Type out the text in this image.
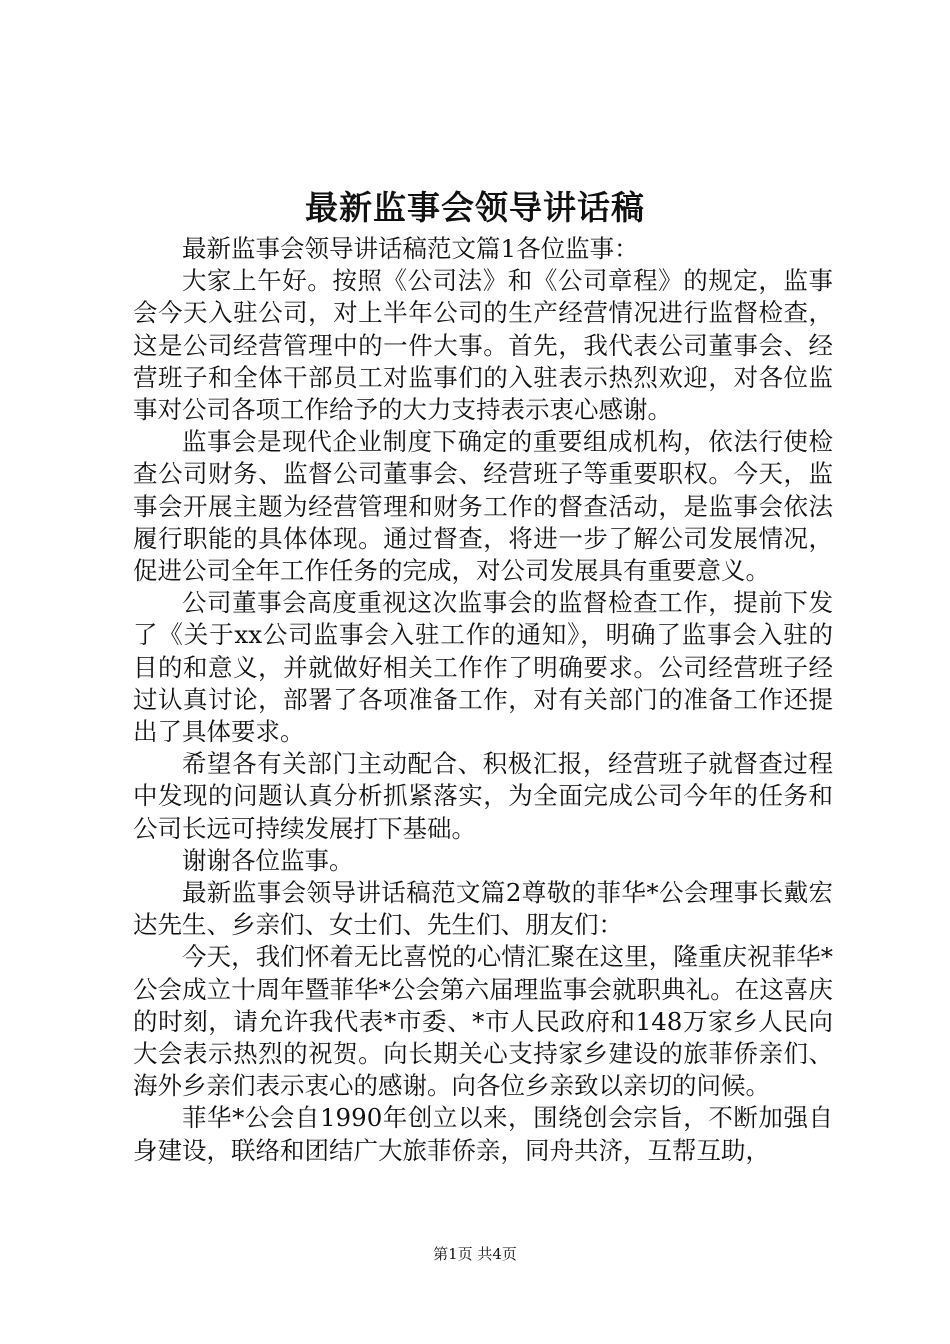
最新监事会领导讲话稿

最新监事会领导讲话稿范文篇1各位监事：

大家上午好。按照《公司法》和《公司章程》的规定，监事会今天入驻公司，对上半年公司的生产经营情况进行监督检查，这是公司经营管理中的一件大事。首先，我代表公司董事会、经营班子和全体干部员工对监事们的入驻表示热烈欢迎，对各位监事对公司各项工作给予的大力支持表示衷心感谢。

监事会是现代企业制度下确定的重要组成机构，依法行使检查公司财务、监督公司董事会、经营班子等重要职权。今天，监事会开展主题为经营管理和财务工作的督查活动，是监事会依法履行职能的具体体现。通过督查，将进一步了解公司发展情况，促进公司全年工作任务的完成，对公司发展具有重要意义。

公司董事会高度重视这次监事会的监督检查工作，提前下发了《关于xx公司监事会入驻工作的通知》，明确了监事会入驻的目的和意义，并就做好相关工作作了明确要求。公司经营班子经过认真讨论，部署了各项准备工作，对有关部门的准备工作还提出了具体要求。

希望各有关部门主动配合、积极汇报，经营班子就督查过程中发现的问题认真分析抓紧落实，为全面完成公司今年的任务和公司长远可持续发展打下基础。

谢谢各位监事。

最新监事会领导讲话稿范文篇2尊敬的菲华*公会理事长戴宏达先生、乡亲们、女士们、先生们、朋友们：

今天，我们怀着无比喜悦的心情汇聚在这里，隆重庆祝菲华*公会成立十周年暨菲华*公会第六届理监事会就职典礼。在这喜庆的时刻，请允许我代表*市委、*市人民政府和148万家乡人民向大会表示热烈的祝贺。向长期关心支持家乡建设的旅菲侨亲们、海外乡亲们表示衷心的感谢。向各位乡亲致以亲切的问候。

菲华*公会自1990年创立以来，围绕创会宗旨，不断加强自身建设，联络和团结广大旅菲侨亲，同舟共济，互帮互助，

第1页 共4页
